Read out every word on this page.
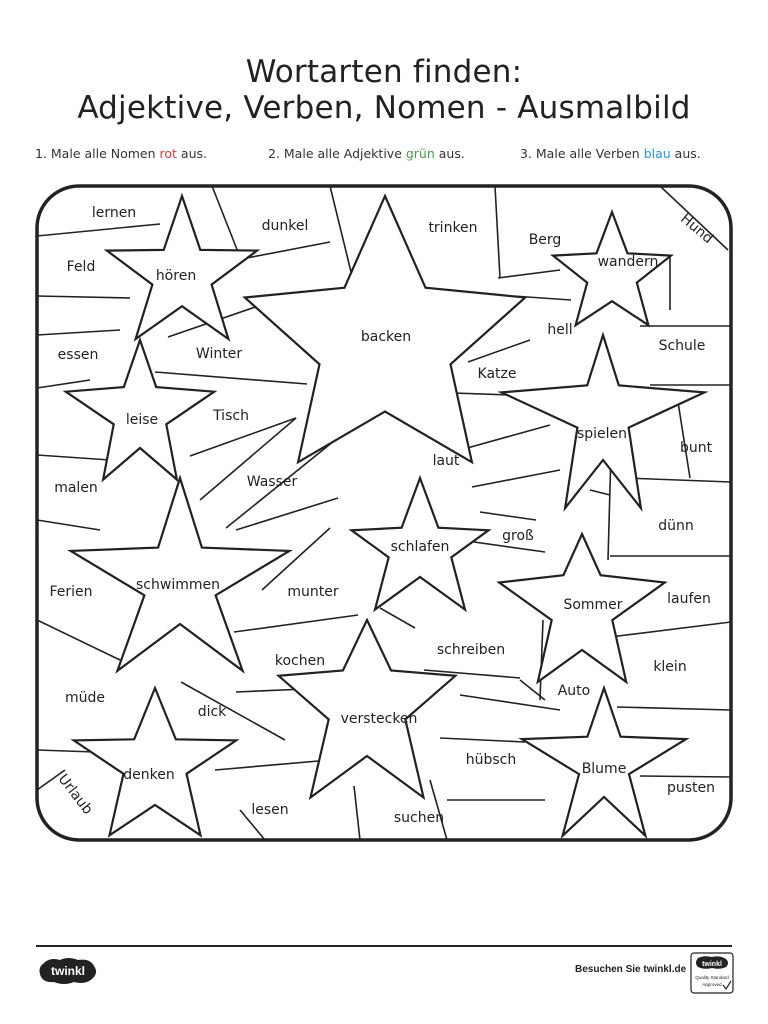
Wortarten finden:
Adjektive, Verben, Nomen - Ausmalbild
1. Male alle Nomen rot aus.	2. Male alle Adjektive grün aus.	3. Male alle Verben blau aus.
lernen
dunkel	trinken
Berg	Hund
Feld
hören
wandern
backen	hell
essen	Winter	Schule
Katze
leise	Tisch
spielen
bunt
laut
malen	Wasser
groß
dünn
schlafen
Ferien	schwimmen	munter
Sommer	laufen
schreiben
kochen	klein
Auto
müde
dick	verstecken
denken
hübsch
Blume
pusten
Urlaub	lesen	suchen
twinkl	Besuchen Sie twinkl.de twinkl
Quality Standard
Approved
